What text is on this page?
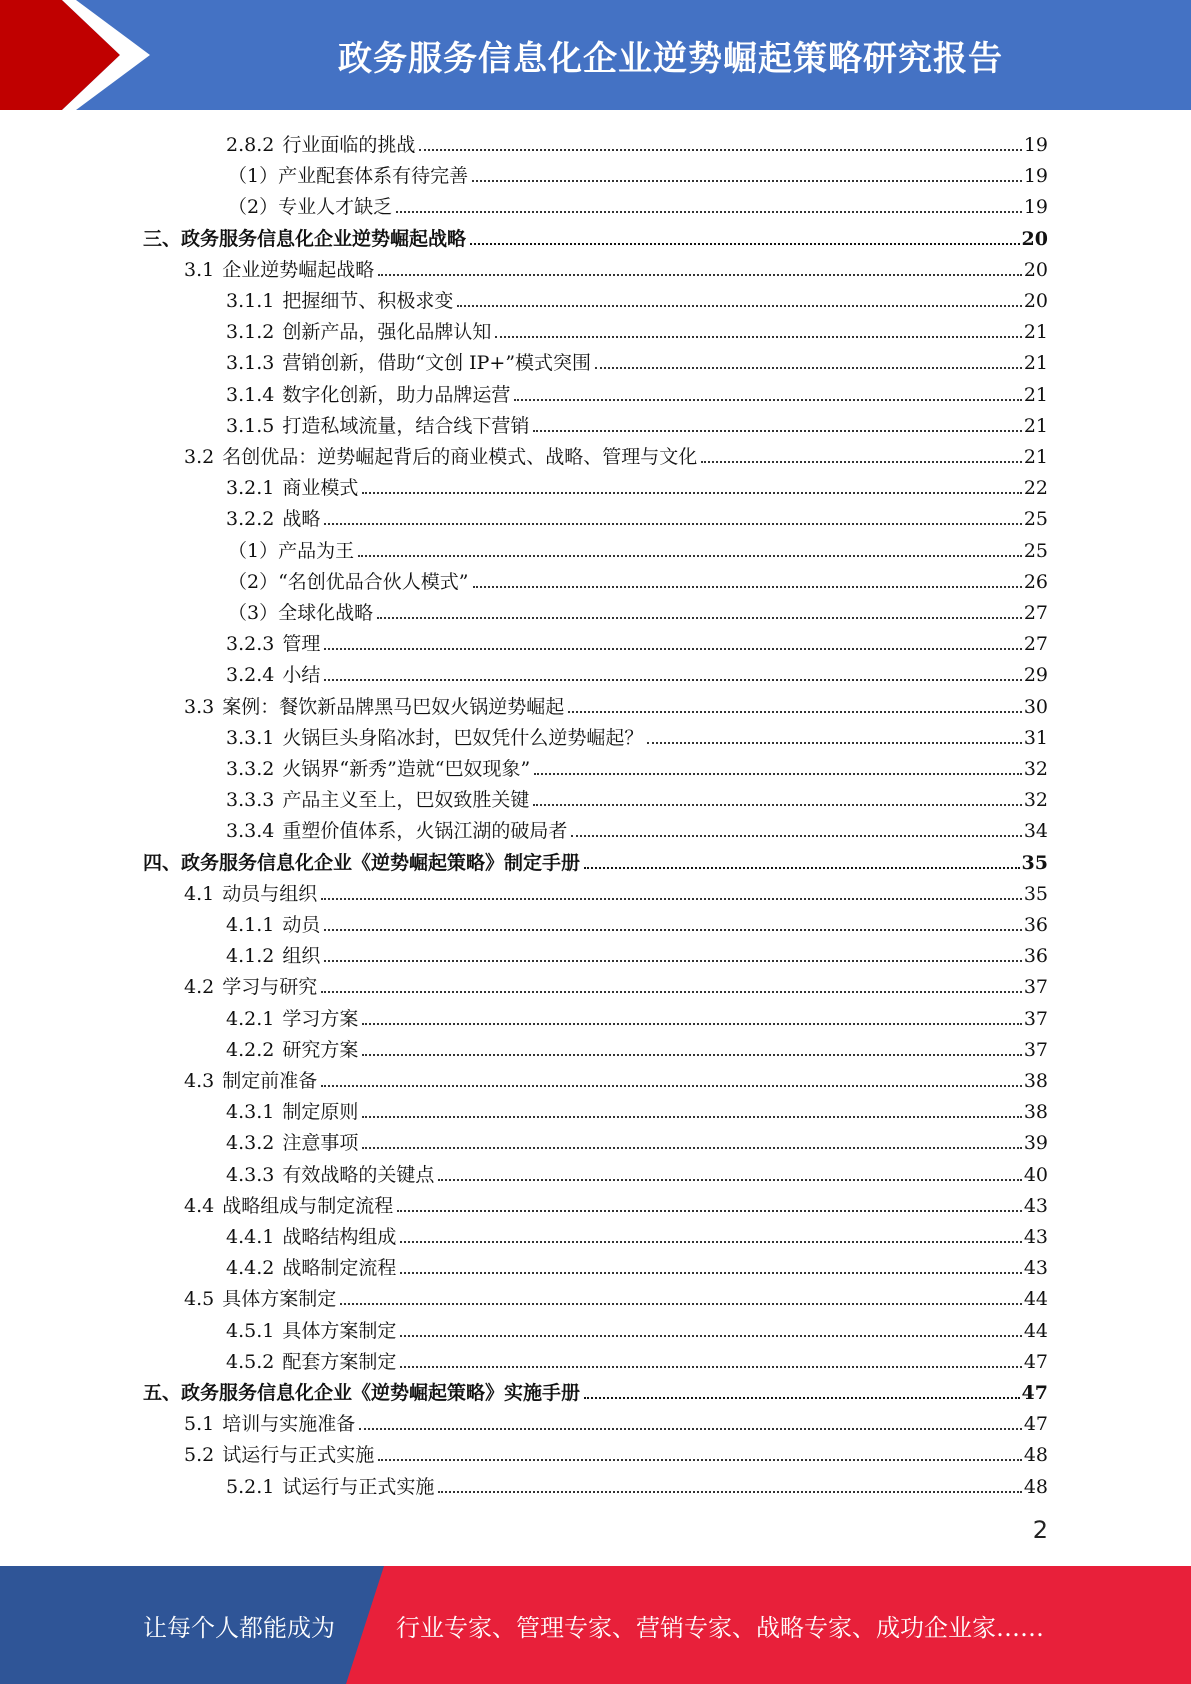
政务服务信息化企业逆势崛起策略研究报告
2.8.2 行业面临的挑战	19
（1） 产业配套体系有待完善	19
（2） 专业人才缺乏	19
三、 政务服务信息化企业逆势崛起战略	20
3.1 企业逆势崛起战略	20
3.1.1 把握细节、积极求变	20
3.1.2 创新产品，强化品牌认知	21
3.1.3 营销创新，借助“文创 IP+”模式突围	21
3.1.4 数字化创新，助力品牌运营	21
3.1.5 打造私域流量，结合线下营销	21
3.2 名创优品：逆势崛起背后的商业模式、战略、管理与文化	21
3.2.1 商业模式	22
3.2.2 战略	25
（1） 产品为王	25
（2） “名创优品合伙人模式”	26
（3） 全球化战略	27
3.2.3 管理	27
3.2.4 小结	29
3.3 案例：餐饮新品牌黑马巴奴火锅逆势崛起	30
3.3.1 火锅巨头身陷冰封，巴奴凭什么逆势崛起？	31
3.3.2 火锅界“新秀”造就“巴奴现象”	32
3.3.3 产品主义至上，巴奴致胜关键	32
3.3.4 重塑价值体系，火锅江湖的破局者	34
四、 政务服务信息化企业《逆势崛起策略》制定手册	35
4.1 动员与组织	35
4.1.1 动员	36
4.1.2 组织	36
4.2 学习与研究	37
4.2.1 学习方案	37
4.2.2 研究方案	37
4.3 制定前准备	38
4.3.1 制定原则	38
4.3.2 注意事项	39
4.3.3 有效战略的关键点	40
4.4 战略组成与制定流程	43
4.4.1 战略结构组成	43
4.4.2 战略制定流程	43
4.5 具体方案制定	44
4.5.1 具体方案制定	44
4.5.2 配套方案制定	47
五、 政务服务信息化企业《逆势崛起策略》实施手册	47
5.1 培训与实施准备	47
5.2 试运行与正式实施	48
5.2.1 试运行与正式实施	48
2
让每个人都能成为	行业专家、管理专家、营销专家、战略专家、成功企业家……
